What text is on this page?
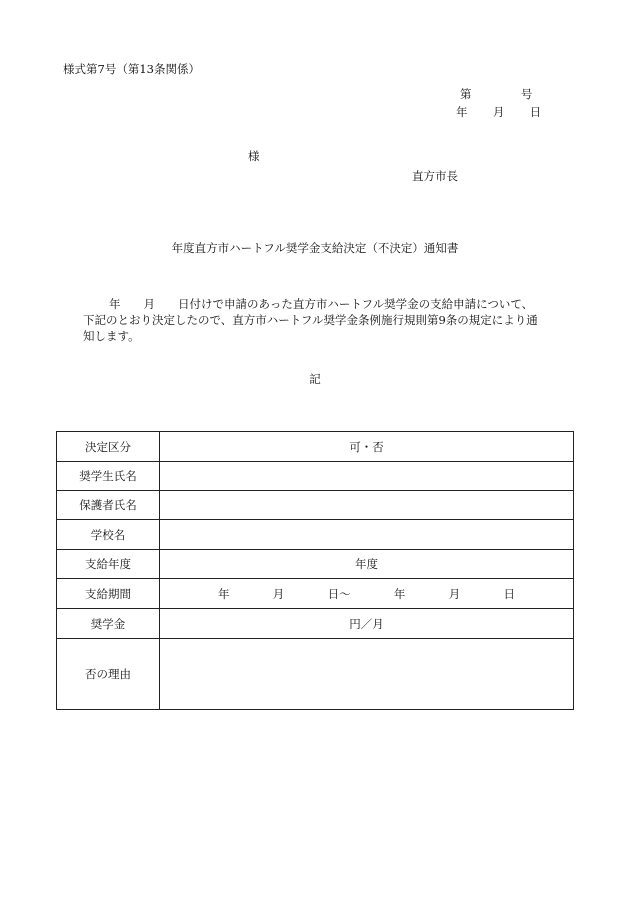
様式第7号（第13条関係）
第	号
年 月 日
様
直方市長
年度直方市ハートフル奨学金支給決定（不決定）通知書

年　　月　　日付けで申請のあった直方市ハートフル奨学金の支給申請について、

下記のとおり決定したので、直方市ハートフル奨学金条例施行規則第9条の規定により通

知します。

記
決定区分	可・否
奨学生氏名	
保護者氏名	
学校名	
支給年度	年度
支給期間	年 月 日～ 年 月 日
奨学金	円／月
否の理由	
